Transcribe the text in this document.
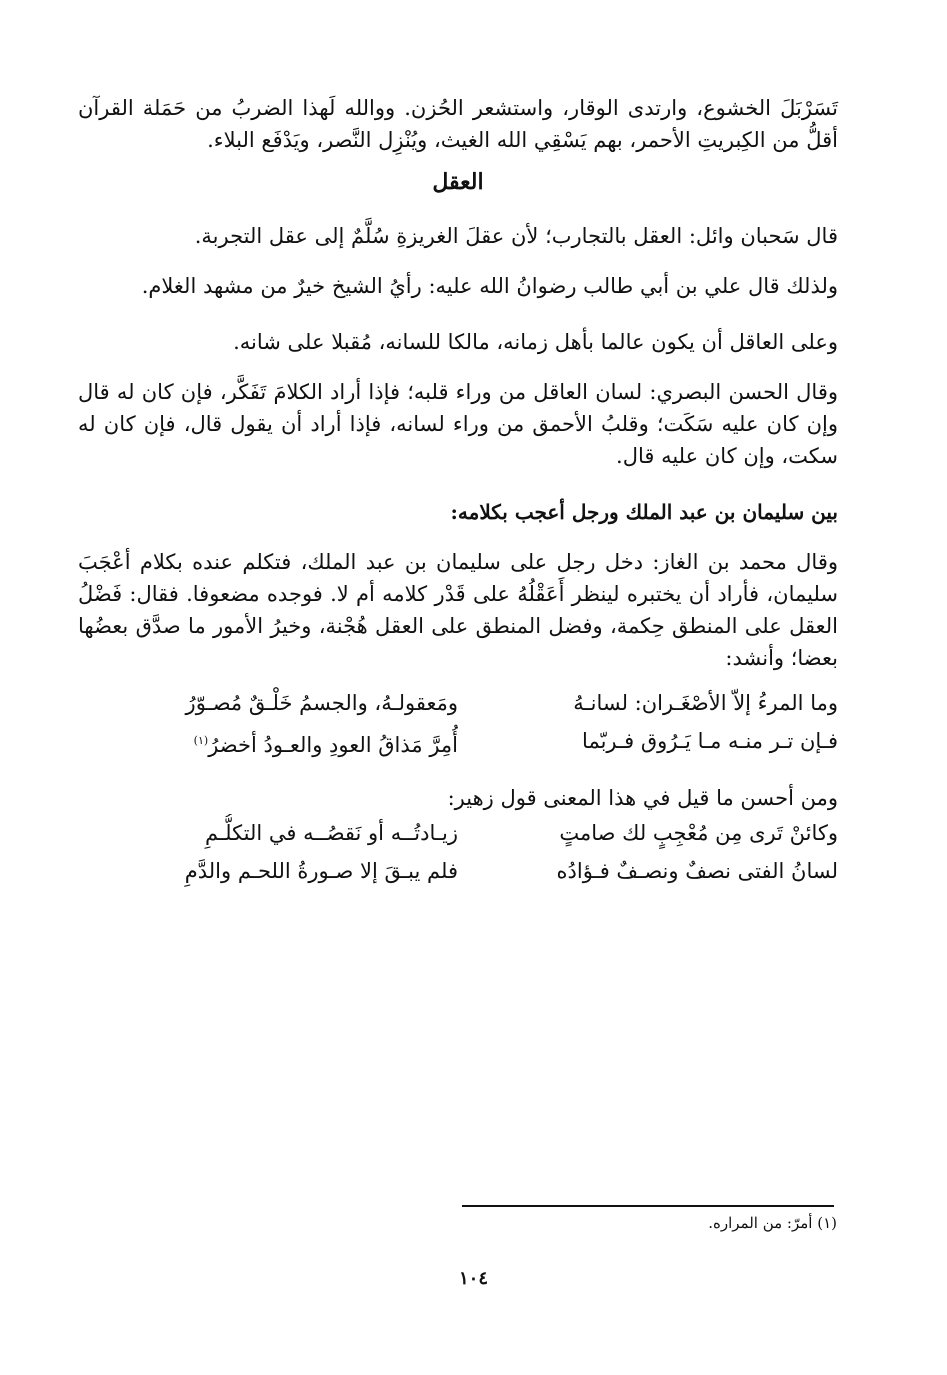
تَسَرْبَلَ الخشوع، وارتدى الوقار، واستشعر الحُزن. ووالله لَهذا الضربُ من حَمَلة القرآن أقلُّ من الكِبريتِ الأحمر، بهم يَسْقِي الله الغيث، ويُنْزِل النَّصر، ويَدْفَع البلاء.

العقل

قال سَحبان وائل: العقل بالتجارب؛ لأن عقلَ الغريزةِ سُلَّمٌ إلى عقل التجربة.

ولذلك قال علي بن أبي طالب رضوانُ الله عليه: رأيُ الشيخ خيرٌ من مشهد الغلام.

وعلى العاقل أن يكون عالما بأهل زمانه، مالكا للسانه، مُقبلا على شانه.

وقال الحسن البصري: لسان العاقل من وراء قلبه؛ فإذا أراد الكلامَ تَفَكَّر، فإن كان له قال وإن كان عليه سَكَت؛ وقلبُ الأحمق من وراء لسانه، فإذا أراد أن يقول قال، فإن كان له سكت، وإن كان عليه قال.

بين سليمان بن عبد الملك ورجل أعجب بكلامه:

وقال محمد بن الغاز: دخل رجل على سليمان بن عبد الملك، فتكلم عنده بكلام أعْجَبَ سليمان، فأراد أن يختبره لينظر أَعَقْلُهُ على قَدْر كلامه أم لا. فوجده مضعوفا. فقال: فَضْلُ العقل على المنطق حِكمة، وفضل المنطق على العقل هُجْنة، وخيرُ الأمور ما صدَّق بعضُها بعضا؛ وأنشد:

وما المرءُ إلاّ الأصْغَـران: لسانـهُ
ومَعقولـهُ، والجسمُ خَلْـقٌ مُصـوّرُ
فـإن تـر منـه مـا يَـرُوق فـربّما
أُمِرَّ مَذاقُ العودِ والعـودُ أخضرُ$^{(١)}$

ومن أحسن ما قيل في هذا المعنى قول زهير:

وكائنْ تَرى مِن مُعْجِبٍ لك صامتٍ
زيـادتُــه أو نَقصُــه في التكلُّـمِ
لسانُ الفتى نصفٌ ونصـفٌ فـؤادُه
فلم يبـقَ إلا صـورةُ اللحـم والدَّمِ
(١) أمرّ: من المراره.
١٠٤
